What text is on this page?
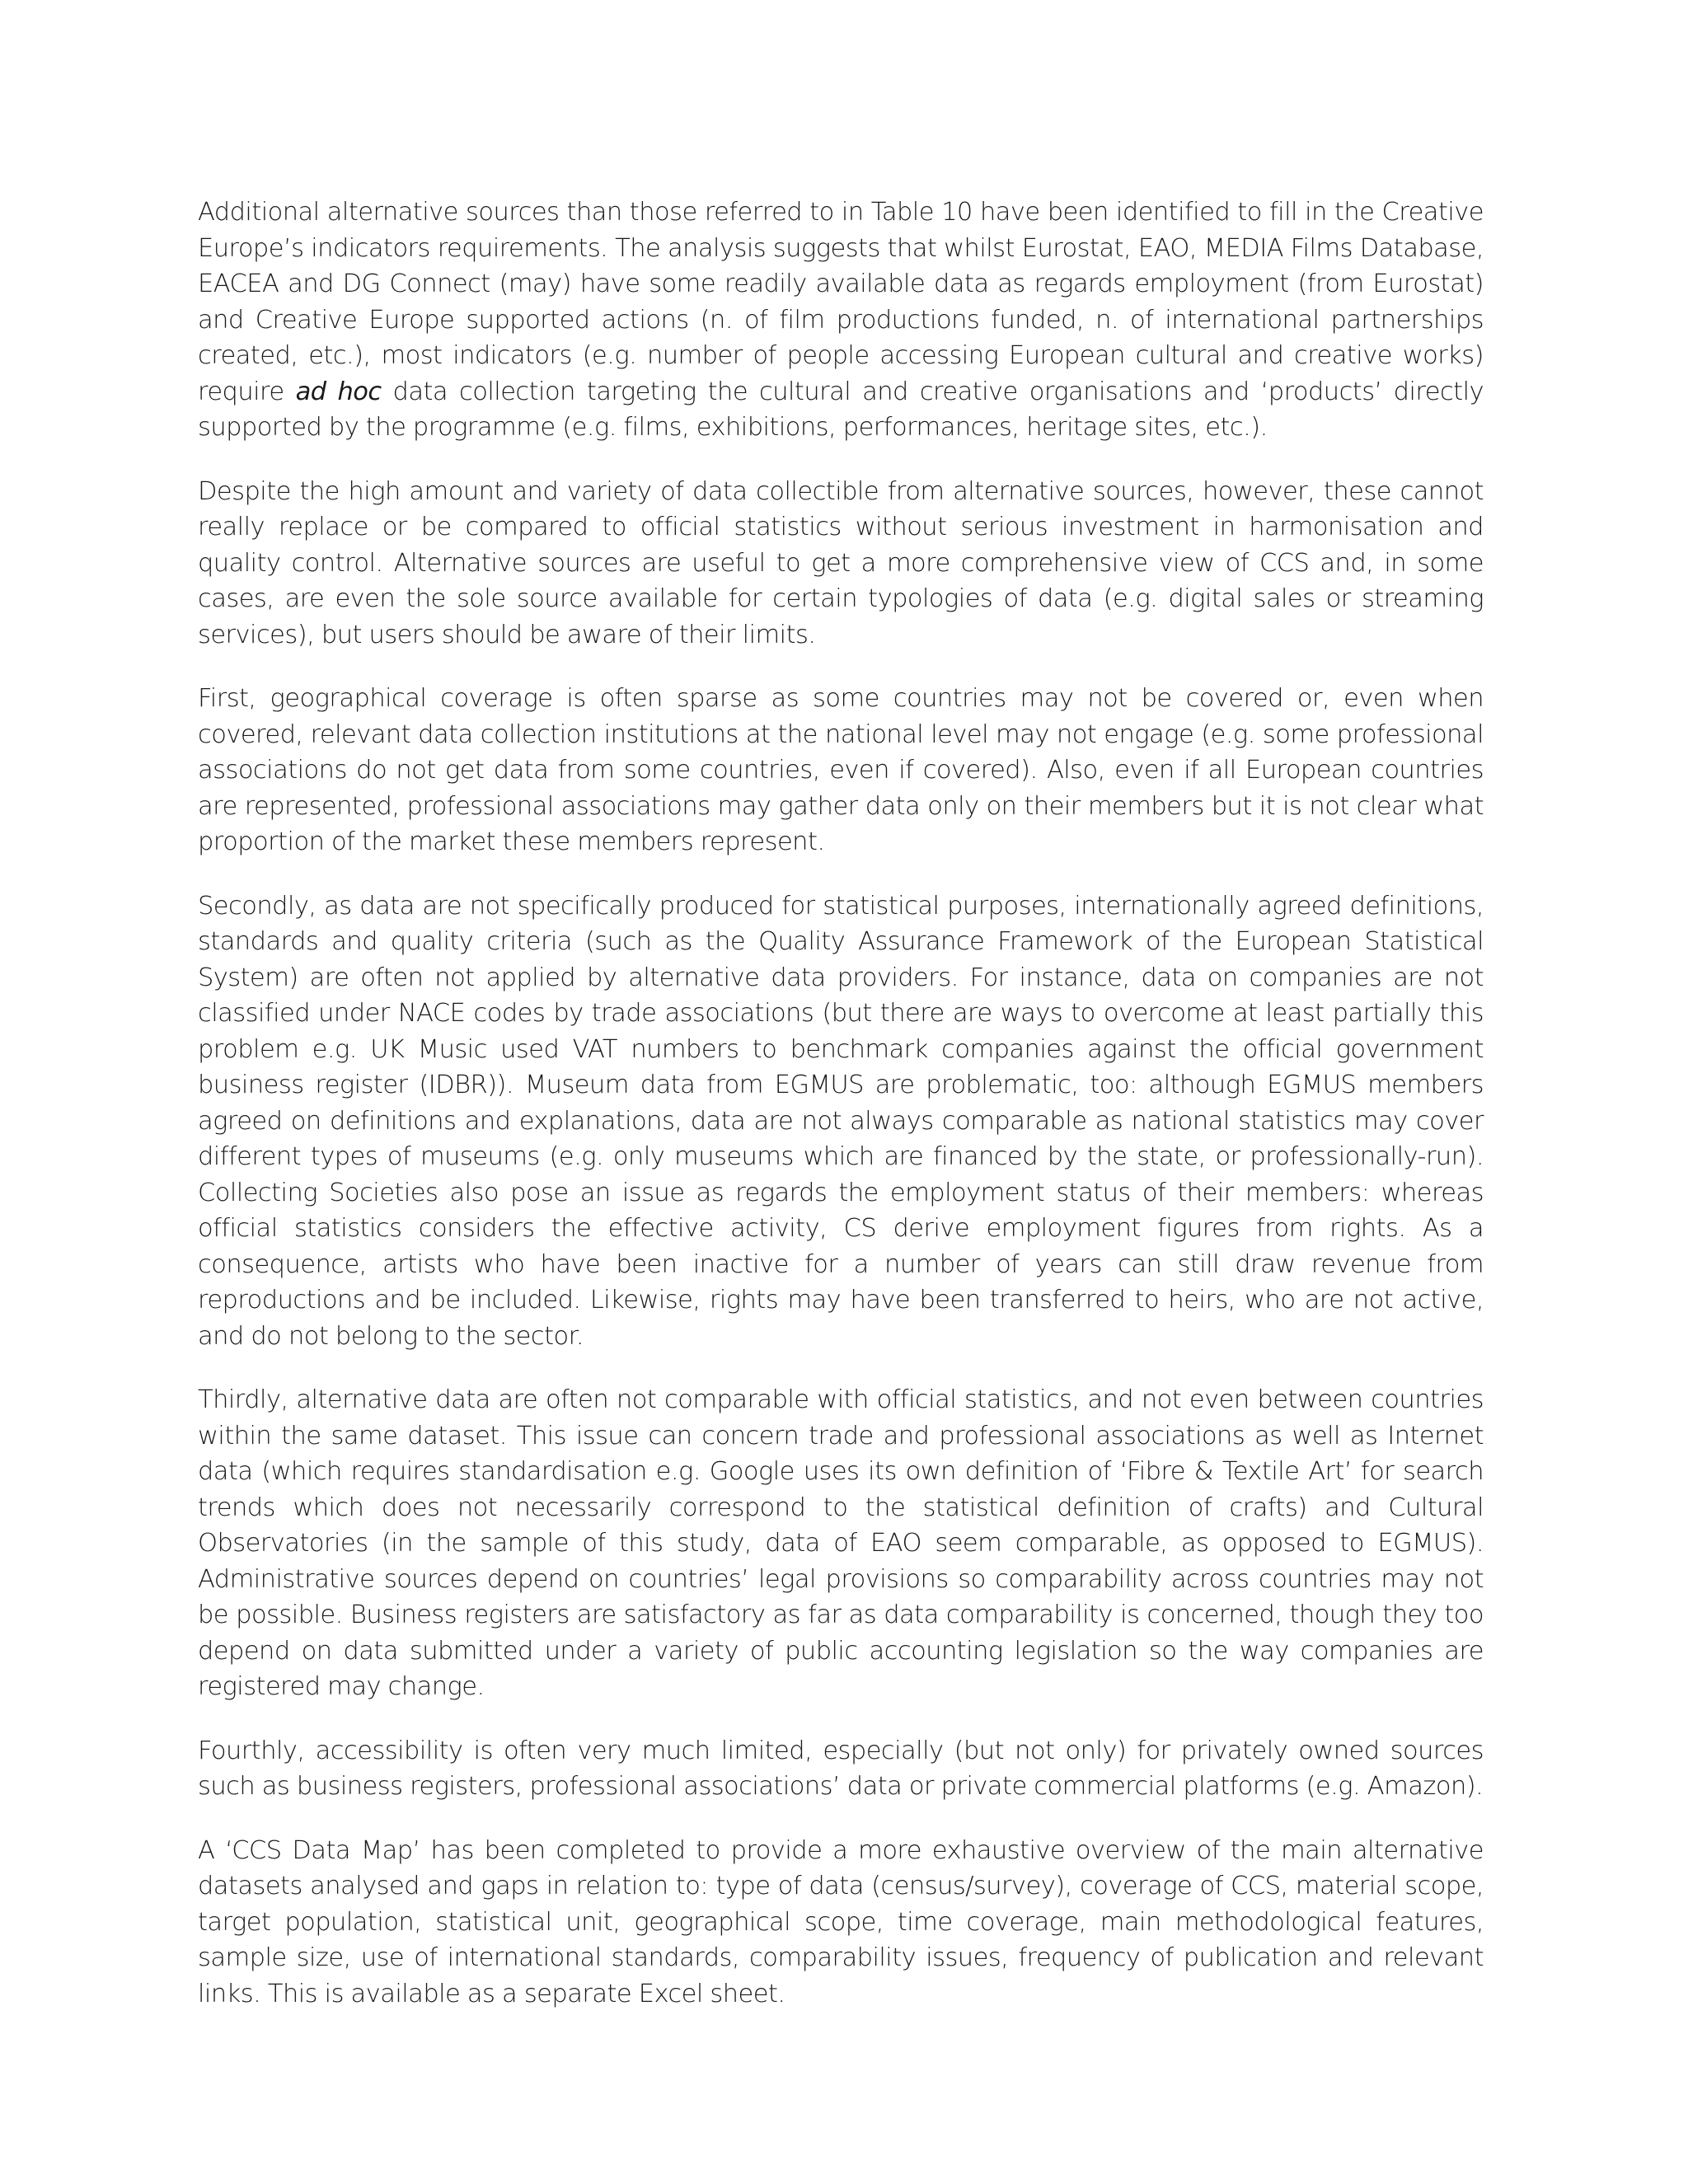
Additional alternative sources than those referred to in Table 10 have been identified to fill in the Creative Europe’s indicators requirements. The analysis suggests that whilst Eurostat, EAO, MEDIA Films Database, EACEA and DG Connect (may) have some readily available data as regards employment (from Eurostat) and Creative Europe supported actions (n. of film productions funded, n. of international partnerships created, etc.), most indicators (e.g. number of people accessing European cultural and creative works) require ad hoc data collection targeting the cultural and creative organisations and ‘products’ directly supported by the programme (e.g. films, exhibitions, performances, heritage sites, etc.).

Despite the high amount and variety of data collectible from alternative sources, however, these cannot really replace or be compared to official statistics without serious investment in harmonisation and quality control. Alternative sources are useful to get a more comprehensive view of CCS and, in some cases, are even the sole source available for certain typologies of data (e.g. digital sales or streaming services), but users should be aware of their limits.

First, geographical coverage is often sparse as some countries may not be covered or, even when covered, relevant data collection institutions at the national level may not engage (e.g. some professional associations do not get data from some countries, even if covered). Also, even if all European countries are represented, professional associations may gather data only on their members but it is not clear what proportion of the market these members represent.

Secondly, as data are not specifically produced for statistical purposes, internationally agreed definitions, standards and quality criteria (such as the Quality Assurance Framework of the European Statistical System) are often not applied by alternative data providers. For instance, data on companies are not classified under NACE codes by trade associations (but there are ways to overcome at least partially this problem e.g. UK Music used VAT numbers to benchmark companies against the official government business register (IDBR)). Museum data from EGMUS are problematic, too: although EGMUS members agreed on definitions and explanations, data are not always comparable as national statistics may cover different types of museums (e.g. only museums which are financed by the state, or professionally-run). Collecting Societies also pose an issue as regards the employment status of their members: whereas official statistics considers the effective activity, CS derive employment figures from rights. As a consequence, artists who have been inactive for a number of years can still draw revenue from reproductions and be included. Likewise, rights may have been transferred to heirs, who are not active, and do not belong to the sector.

Thirdly, alternative data are often not comparable with official statistics, and not even between countries within the same dataset. This issue can concern trade and professional associations as well as Internet data (which requires standardisation e.g. Google uses its own definition of ‘Fibre & Textile Art’ for search trends which does not necessarily correspond to the statistical definition of crafts) and Cultural Observatories (in the sample of this study, data of EAO seem comparable, as opposed to EGMUS). Administrative sources depend on countries’ legal provisions so comparability across countries may not be possible. Business registers are satisfactory as far as data comparability is concerned, though they too depend on data submitted under a variety of public accounting legislation so the way companies are registered may change.

Fourthly, accessibility is often very much limited, especially (but not only) for privately owned sources such as business registers, professional associations’ data or private commercial platforms (e.g. Amazon).

A ‘CCS Data Map’ has been completed to provide a more exhaustive overview of the main alternative datasets analysed and gaps in relation to: type of data (census/survey), coverage of CCS, material scope, target population, statistical unit, geographical scope, time coverage, main methodological features, sample size, use of international standards, comparability issues, frequency of publication and relevant links. This is available as a separate Excel sheet.
